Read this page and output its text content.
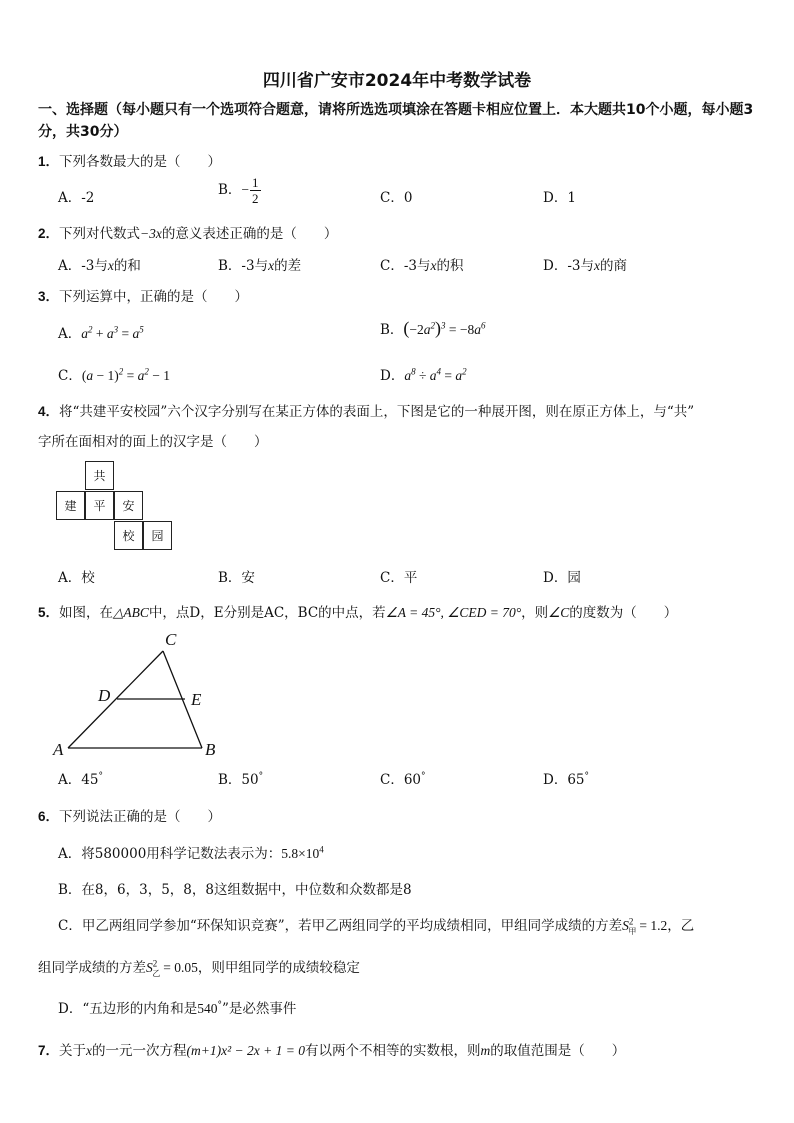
四川省广安市2024年中考数学试卷
一、选择题（每小题只有一个选项符合题意，请将所选选项填涂在答题卡相应位置上．本大题共10个小题，每小题3分，共30分）
1．下列各数最大的是（　　）
A．-2	B．− $\frac{1}{2}$	C．0	D．1
2．下列对代数式−3x的意义表述正确的是（　　）
A．-3与x的和	B．-3与x的差	C．-3与x的积	D．-3与x的商
3．下列运算中，正确的是（　　）
A．$a^2 + a^3 = a^5$	B．$(-2a^2)^3 = -8a^6$
C．$(a - 1)^2 = a^2 - 1$	D．$a^8 \div a^4 = a^2$
4．将“共建平安校园”六个汉字分别写在某正方体的表面上，下图是它的一种展开图，则在原正方体上，与“共”
字所在面相对的面上的汉字是（　　）
共
建	平	安
校	园
A．校	B．安	C．平	D．园
5．如图，在△ABC中，点D，E分别是AC，BC的中点，若∠A = 45°, ∠CED = 70°，则∠C的度数为（　　）
C
D	E
A	B
A．45°	B．50°	C．60°	D．65°
6．下列说法正确的是（　　）
A．将580000用科学记数法表示为：$5.8\times 10^4$
B．在8，6，3，5，8，8这组数据中，中位数和众数都是8
C．甲乙两组同学参加“环保知识竞赛”，若甲乙两组同学的平均成绩相同，甲组同学成绩的方差$S^2_甲 = 1.2$，乙
组同学成绩的方差$S^2_乙 = 0.05$，则甲组同学的成绩较稳定
D．“五边形的内角和是540°”是必然事件
7．关于x的一元一次方程(m+1)x² − 2x + 1 = 0有以两个不相等的实数根，则m的取值范围是（　　）
